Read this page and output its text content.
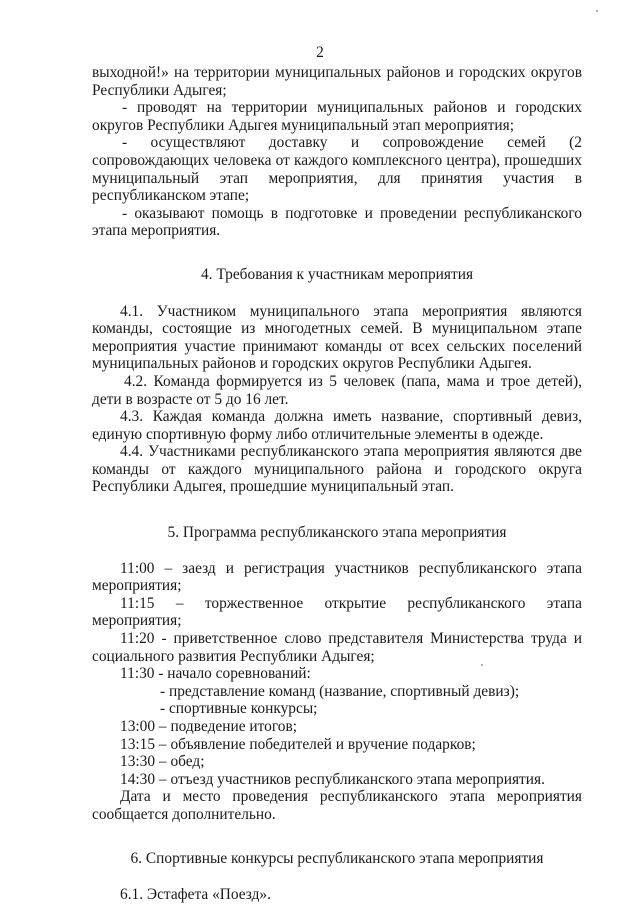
2

выходной!» на территории муниципальных районов и городских округов Республики Адыгея;

- проводят на территории муниципальных районов и городских округов Республики Адыгея муниципальный этап мероприятия;

- осуществляют доставку и сопровождение семей (2 сопровождающих человека от каждого комплексного центра), прошедших муниципальный этап мероприятия, для принятия участия в республиканском этапе;

- оказывают помощь в подготовке и проведении республиканского этапа мероприятия.

4. Требования к участникам мероприятия

4.1. Участником муниципального этапа мероприятия являются команды, состоящие из многодетных семей. В муниципальном этапе мероприятия участие принимают команды от всех сельских поселений муниципальных районов и городских округов Республики Адыгея.

4.2. Команда формируется из 5 человек (папа, мама и трое детей), дети в возрасте от 5 до 16 лет.

4.3. Каждая команда должна иметь название, спортивный девиз, единую спортивную форму либо отличительные элементы в одежде.

4.4. Участниками республиканского этапа мероприятия являются две команды от каждого муниципального района и городского округа Республики Адыгея, прошедшие муниципальный этап.

5. Программа республиканского этапа мероприятия

11:00 – заезд и регистрация участников республиканского этапа мероприятия;

11:15 – торжественное открытие республиканского этапа мероприятия;

11:20 - приветственное слово представителя Министерства труда и социального развития Республики Адыгея;

11:30 - начало соревнований:

- представление команд (название, спортивный девиз);

- спортивные конкурсы;

13:00 – подведение итогов;

13:15 – объявление победителей и вручение подарков;

13:30 – обед;

14:30 – отъезд участников республиканского этапа мероприятия.

Дата и место проведения республиканского этапа мероприятия сообщается дополнительно.

6. Спортивные конкурсы республиканского этапа мероприятия

6.1. Эстафета «Поезд».
